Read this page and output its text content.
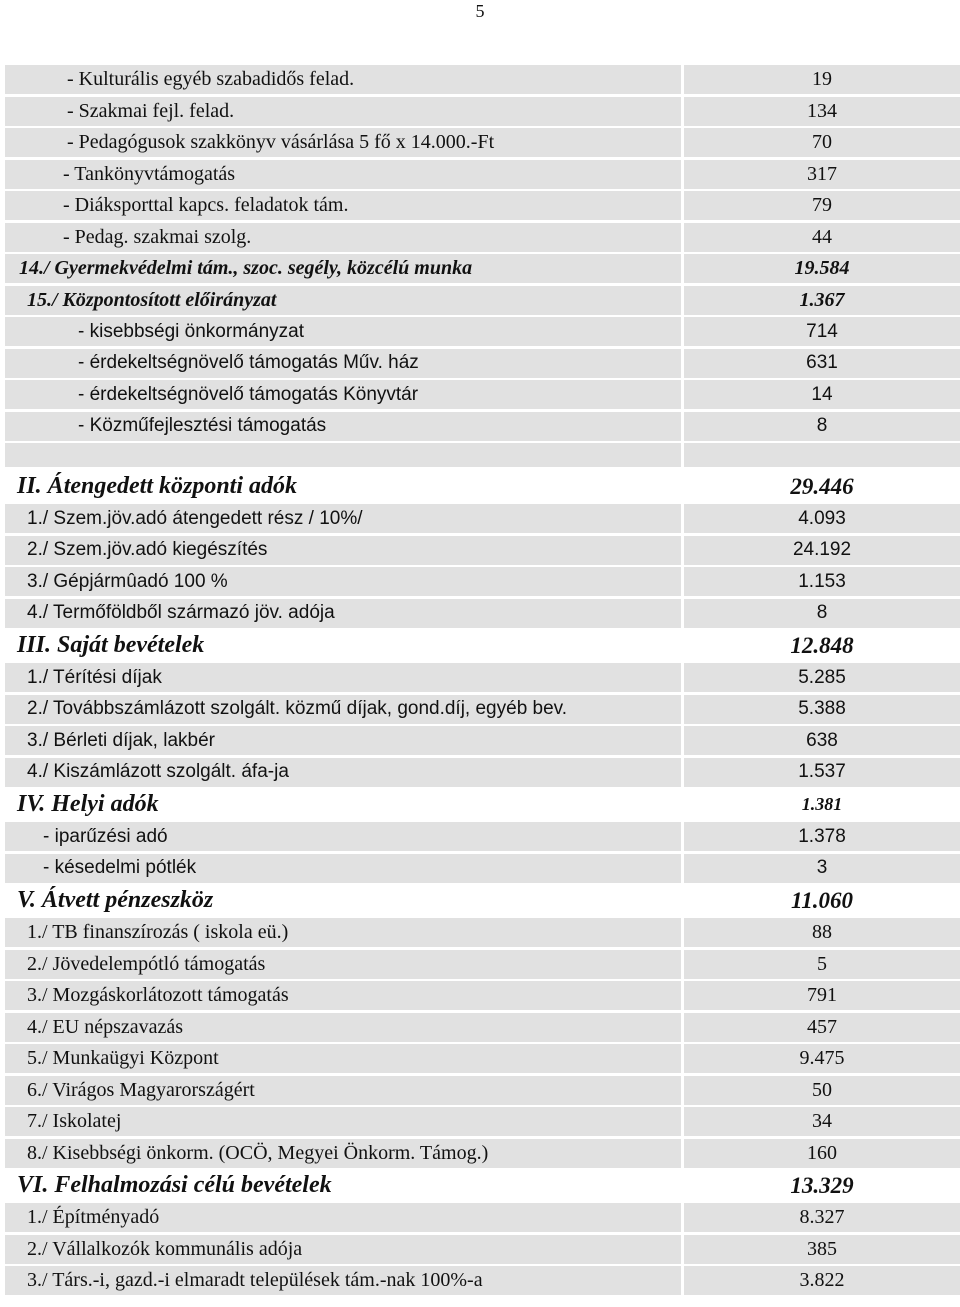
5
- Kulturális egyéb szabadidős felad.	19
- Szakmai fejl. felad.	134
- Pedagógusok szakkönyv vásárlása 5 fő x 14.000.-Ft	70
- Tankönyvtámogatás	317
- Diáksporttal kapcs. feladatok tám.	79
- Pedag. szakmai szolg.	44
14./ Gyermekvédelmi tám., szoc. segély, közcélú munka	19.584
15./ Központosított előirányzat	1.367
- kisebbségi önkormányzat	714
- érdekeltségnövelő támogatás Műv. ház	631
- érdekeltségnövelő támogatás Könyvtár	14
- Közműfejlesztési támogatás	8
II. Átengedett központi adók	29.446
1./ Szem.jöv.adó átengedett rész / 10%/	4.093
2./ Szem.jöv.adó kiegészítés	24.192
3./ Gépjármûadó 100 %	1.153
4./ Termőföldből származó jöv. adója	8
III. Saját bevételek	12.848
1./ Térítési díjak	5.285
2./ Továbbszámlázott szolgált. közmű díjak, gond.díj, egyéb bev.	5.388
3./ Bérleti díjak, lakbér	638
4./ Kiszámlázott szolgált. áfa-ja	1.537
IV. Helyi adók	1.381
- iparűzési adó	1.378
- késedelmi pótlék	3
V. Átvett pénzeszköz	11.060
1./ TB finanszírozás ( iskola eü.)	88
2./ Jövedelempótló támogatás	5
3./ Mozgáskorlátozott támogatás	791
4./ EU népszavazás	457
5./ Munkaügyi Központ	9.475
6./ Virágos Magyarországért	50
7./ Iskolatej	34
8./ Kisebbségi önkorm. (OCÖ, Megyei Önkorm. Támog.)	160
VI. Felhalmozási célú bevételek	13.329
1./ Építményadó	8.327
2./ Vállalkozók kommunális adója	385
3./ Társ.-i, gazd.-i elmaradt települések tám.-nak 100%-a	3.822
